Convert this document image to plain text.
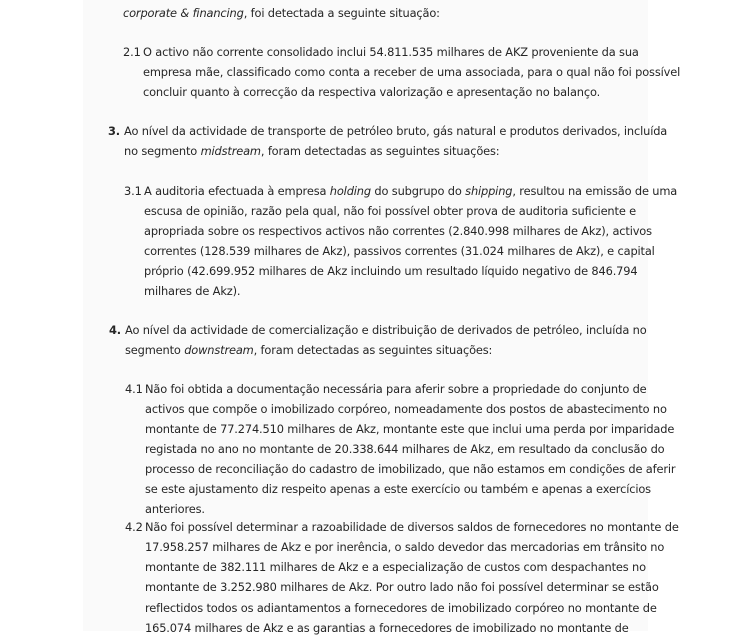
corporate & financing, foi detectada a seguinte situação:
2.1 O activo não corrente consolidado inclui 54.811.535 milhares de AKZ proveniente da sua
empresa mãe, classificado como conta a receber de uma associada, para o qual não foi possível
concluir quanto à correcção da respectiva valorização e apresentação no balanço.
3. Ao nível da actividade de transporte de petróleo bruto, gás natural e produtos derivados, incluída
no segmento midstream, foram detectadas as seguintes situações:
3.1 A auditoria efectuada à empresa holding do subgrupo do shipping, resultou na emissão de uma
escusa de opinião, razão pela qual, não foi possível obter prova de auditoria suficiente e
apropriada sobre os respectivos activos não correntes (2.840.998 milhares de Akz), activos
correntes (128.539 milhares de Akz), passivos correntes (31.024 milhares de Akz), e capital
próprio (42.699.952 milhares de Akz incluindo um resultado líquido negativo de 846.794
milhares de Akz).
4. Ao nível da actividade de comercialização e distribuição de derivados de petróleo, incluída no
segmento downstream, foram detectadas as seguintes situações:
4.1 Não foi obtida a documentação necessária para aferir sobre a propriedade do conjunto de
activos que compõe o imobilizado corpóreo, nomeadamente dos postos de abastecimento no
montante de 77.274.510 milhares de Akz, montante este que inclui uma perda por imparidade
registada no ano no montante de 20.338.644 milhares de Akz, em resultado da conclusão do
processo de reconciliação do cadastro de imobilizado, que não estamos em condições de aferir
se este ajustamento diz respeito apenas a este exercício ou também e apenas a exercícios
anteriores.
4.2 Não foi possível determinar a razoabilidade de diversos saldos de fornecedores no montante de
17.958.257 milhares de Akz e por inerência, o saldo devedor das mercadorias em trânsito no
montante de 382.111 milhares de Akz e a especialização de custos com despachantes no
montante de 3.252.980 milhares de Akz. Por outro lado não foi possível determinar se estão
reflectidos todos os adiantamentos a fornecedores de imobilizado corpóreo no montante de
165.074 milhares de Akz e as garantias a fornecedores de imobilizado no montante de
